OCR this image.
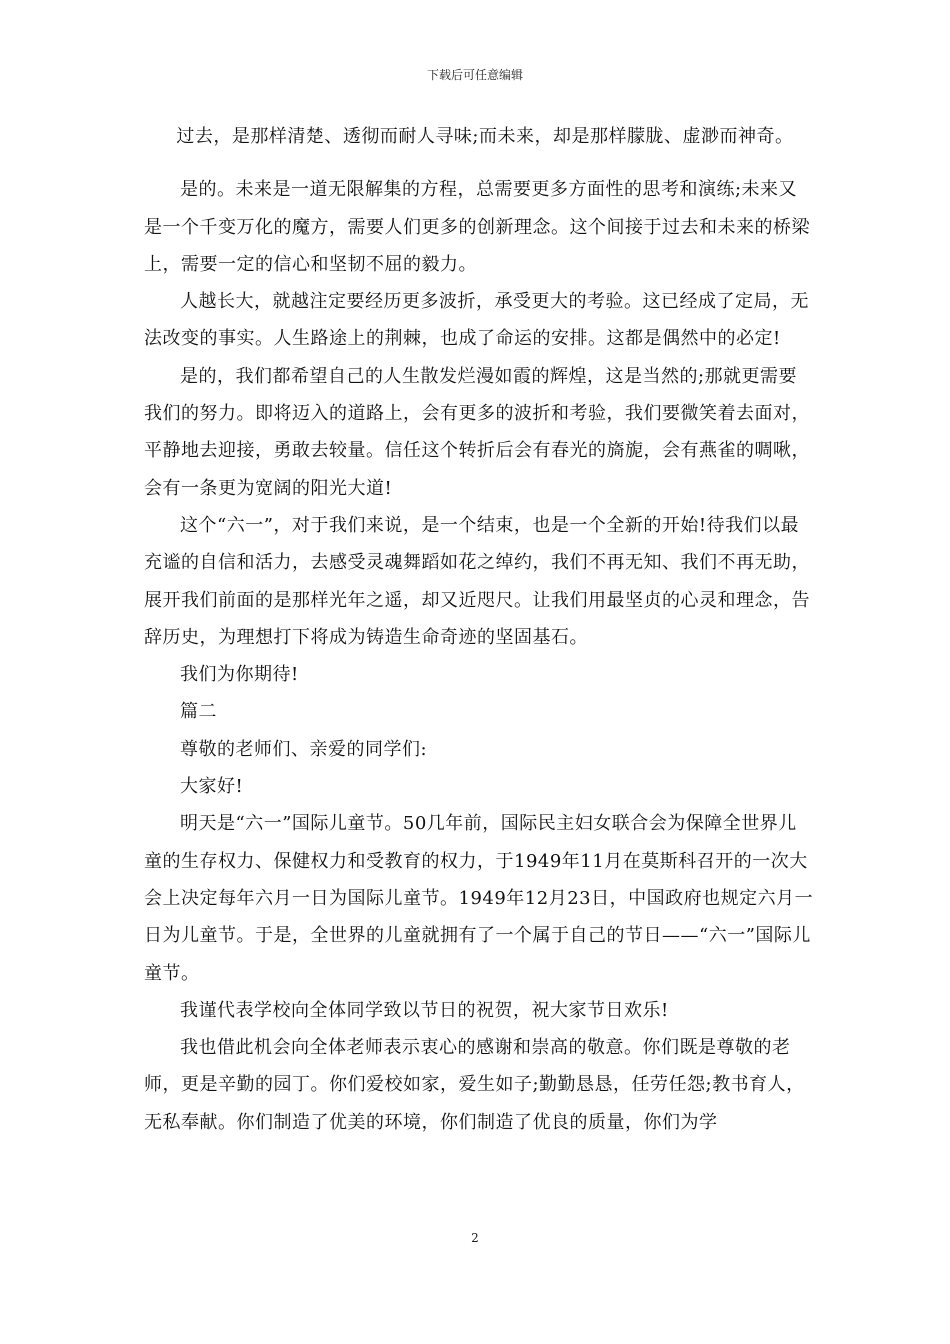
下载后可任意编辑

过去，是那样清楚、透彻而耐人寻味;而未来，却是那样朦胧、虚渺而神奇。

是的。未来是一道无限解集的方程，总需要更多方面性的思考和演练;未来又是一个千变万化的魔方，需要人们更多的创新理念。这个间接于过去和未来的桥梁上，需要一定的信心和坚韧不屈的毅力。

人越长大，就越注定要经历更多波折，承受更大的考验。这已经成了定局，无法改变的事实。人生路途上的荆棘，也成了命运的安排。这都是偶然中的必定!

是的，我们都希望自己的人生散发烂漫如霞的辉煌，这是当然的;那就更需要我们的努力。即将迈入的道路上，会有更多的波折和考验，我们要微笑着去面对，平静地去迎接，勇敢去较量。信任这个转折后会有春光的旖旎，会有燕雀的啁啾，会有一条更为宽阔的阳光大道!

这个“六一”，对于我们来说，是一个结束，也是一个全新的开始!待我们以最充谧的自信和活力，去感受灵魂舞蹈如花之绰约，我们不再无知、我们不再无助，展开我们前面的是那样光年之遥，却又近咫尺。让我们用最坚贞的心灵和理念，告辞历史，为理想打下将成为铸造生命奇迹的坚固基石。

我们为你期待!

篇二

尊敬的老师们、亲爱的同学们:

大家好!

明天是“六一”国际儿童节。50几年前，国际民主妇女联合会为保障全世界儿童的生存权力、保健权力和受教育的权力，于1949年11月在莫斯科召开的一次大会上决定每年六月一日为国际儿童节。1949年12月23日，中国政府也规定六月一日为儿童节。于是，全世界的儿童就拥有了一个属于自己的节日——“六一”国际儿童节。

我谨代表学校向全体同学致以节日的祝贺，祝大家节日欢乐!

我也借此机会向全体老师表示衷心的感谢和崇高的敬意。你们既是尊敬的老师，更是辛勤的园丁。你们爱校如家，爱生如子;勤勤恳恳，任劳任怨;教书育人，无私奉献。你们制造了优美的环境，你们制造了优良的质量，你们为学

2
